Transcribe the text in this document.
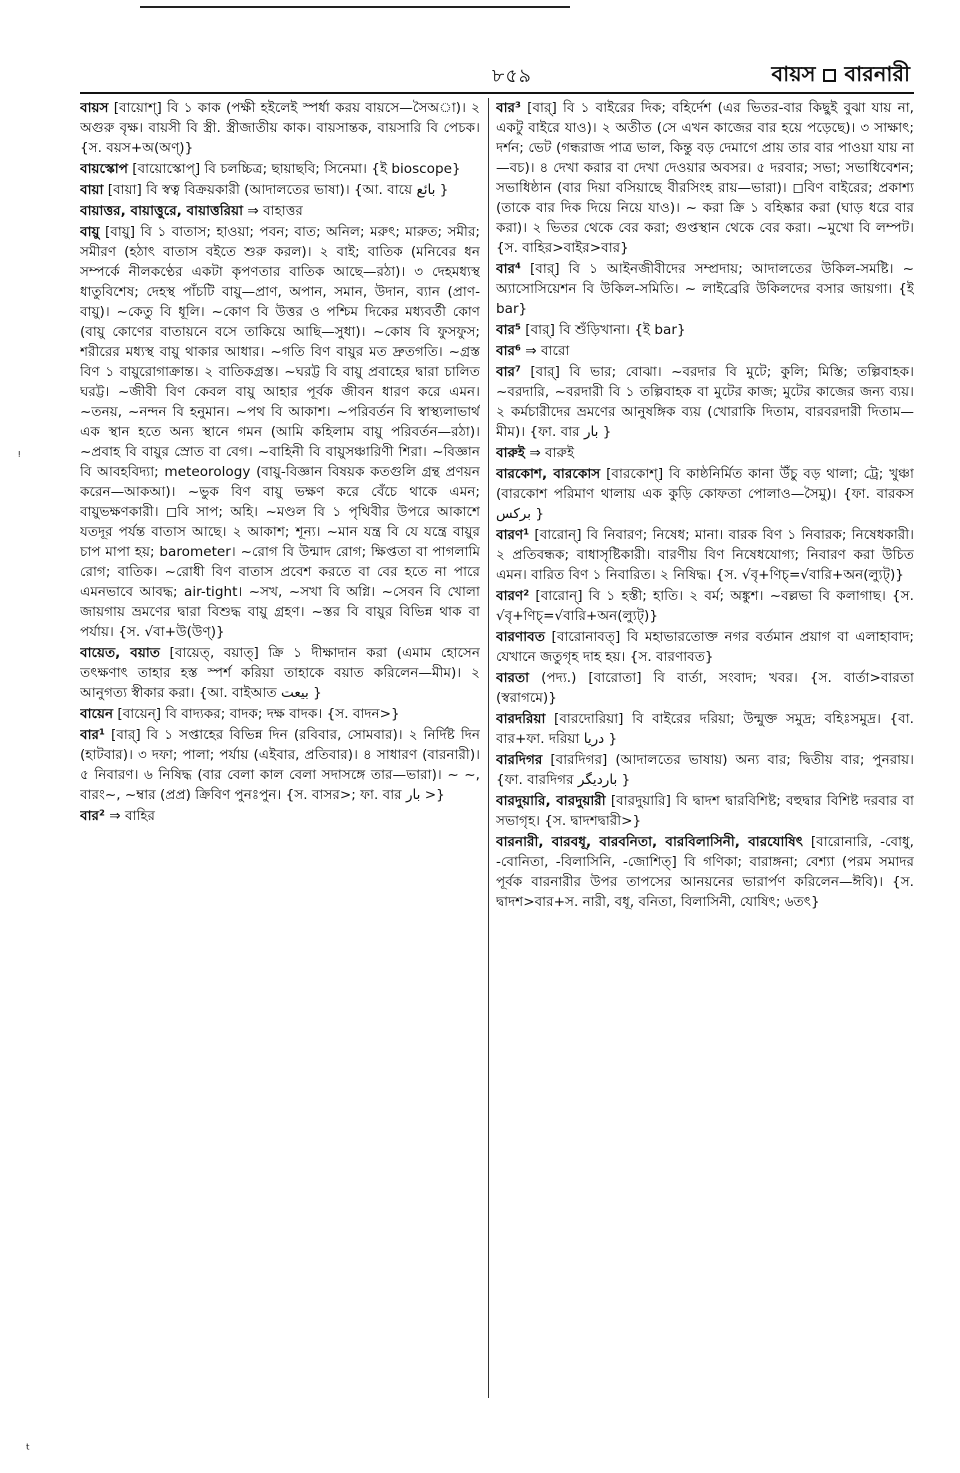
৮৫৯	বায়স বারনারী
ᵎ
ᵗ

বায়স [বায়োশ্] বি ১ কাক (পক্ষী হইলেই স্পর্ধা করয় বায়সে—সৈঅা)। ২ অগুরু বৃক্ষ। বায়সী বি স্ত্রী. স্ত্রীজাতীয় কাক। বায়সান্তক, বায়সারি বি পেচক। {স. বয়স+অ(অণ্)}

বায়স্কোপ [বায়োস্কোপ্] বি চলচ্চিত্র; ছায়াছবি; সিনেমা। {ই bioscope}

বায়া [বায়া] বি স্বত্ব বিক্রয়কারী (আদালতের ভাষা)। {আ. বায়ে بائع }

বায়াত্তর, বায়াত্তুরে, বায়াত্তরিয়া ⇒ বাহাত্তর

বায়ু [বায়ু] বি ১ বাতাস; হাওয়া; পবন; বাত; অনিল; মরুৎ; মারুত; সমীর; সমীরণ (হঠাৎ বাতাস বইতে শুরু করল)। ২ বাই; বাতিক (মনিবের ধন সম্পর্কে নীলকণ্ঠের একটা কৃপণতার বাতিক আছে—রঠা)। ৩ দেহমধ্যস্থ ধাতুবিশেষ; দেহস্থ পাঁচটি বায়ু—প্রাণ, অপান, সমান, উদান, ব্যান (প্রাণ-বায়ু)। ~কেতু বি ধূলি। ~কোণ বি উত্তর ও পশ্চিম দিকের মধ্যবর্তী কোণ (বায়ু কোণের বাতায়নে বসে তাকিয়ে আছি—সুধা)। ~কোষ বি ফুসফুস; শরীরের মধ্যস্থ বায়ু থাকার আধার। ~গতি বিণ বায়ুর মত দ্রুতগতি। ~গ্রস্ত বিণ ১ বায়ুরোগাক্রান্ত। ২ বাতিকগ্রস্ত। ~ঘরট্ট বি বায়ু প্রবাহের দ্বারা চালিত ঘরট্ট। ~জীবী বিণ কেবল বায়ু আহার পূর্বক জীবন ধারণ করে এমন। ~তনয়, ~নন্দন বি হনুমান। ~পথ বি আকাশ। ~পরিবর্তন বি স্বাস্থ্যলাভার্থ এক স্থান হতে অন্য স্থানে গমন (আমি কহিলাম বায়ু পরিবর্তন—রঠা)। ~প্রবাহ বি বায়ুর স্রোত বা বেগ। ~বাহিনী বি বায়ুসঞ্চারিণী শিরা। ~বিজ্ঞান বি আবহবিদ্যা; meteorology (বায়ু-বিজ্ঞান বিষয়ক কতগুলি গ্রন্থ প্রণয়ন করেন—আকআ)। ~ভুক বিণ বায়ু ভক্ষণ করে বেঁচে থাকে এমন; বায়ুভক্ষণকারী। ◻বি সাপ; অহি। ~মণ্ডল বি ১ পৃথিবীর উপরে আকাশে যতদূর পর্যন্ত বাতাস আছে। ২ আকাশ; শূন্য। ~মান যন্ত্র বি যে যন্ত্রে বায়ুর চাপ মাপা হয়; barometer। ~রোগ বি উন্মাদ রোগ; ক্ষিপ্ততা বা পাগলামি রোগ; বাতিক। ~রোধী বিণ বাতাস প্রবেশ করতে বা বের হতে না পারে এমনভাবে আবদ্ধ; air-tight। ~সখ, ~সখা বি অগ্নি। ~সেবন বি খোলা জায়গায় ভ্রমণের দ্বারা বিশুদ্ধ বায়ু গ্রহণ। ~স্তর বি বায়ুর বিভিন্ন থাক বা পর্যায়। {স. √বা+উ(উণ্)}

বায়েত, বয়াত [বায়েত্, বয়াত্] ক্রি ১ দীক্ষাদান করা (এমাম হোসেন তৎক্ষণাৎ তাহার হস্ত স্পর্শ করিয়া তাহাকে বয়াত করিলেন—মীম)। ২ আনুগত্য স্বীকার করা। {আ. বাইআত بيعت }

বায়েন [বায়েন্] বি বাদ্যকর; বাদক; দক্ষ বাদক। {স. বাদন>}

বার¹ [বার্] বি ১ সপ্তাহের বিভিন্ন দিন (রবিবার, সোমবার)। ২ নির্দিষ্ট দিন (হাটবার)। ৩ দফা; পালা; পর্যায় (এইবার, প্রতিবার)। ৪ সাধারণ (বারনারী)। ৫ নিবারণ। ৬ নিষিদ্ধ (বার বেলা কাল বেলা সদাসঙ্গে তার—ভারা)। ~ ~, বারং~, ~ম্বার (প্রপ্র) ক্রিবিণ পুনঃপুন। {স. বাসর>; ফা. বার بار >}

বার² ⇒ বাহির

বার³ [বার্] বি ১ বাইরের দিক; বহির্দেশ (এর ভিতর-বার কিছুই বুঝা যায় না, একটু বাইরে যাও)। ২ অতীত (সে এখন কাজের বার হয়ে পড়েছে)। ৩ সাক্ষাৎ; দর্শন; ভেট (গন্ধরাজ পাত্র ভাল, কিন্তু বড় দেমাগে প্রায় তার বার পাওয়া যায় না—বচ)। ৪ দেখা করার বা দেখা দেওয়ার অবসর। ৫ দরবার; সভা; সভাধিবেশন; সভাধিষ্ঠান (বার দিয়া বসিয়াছে বীরসিংহ রায়—ভারা)। ◻বিণ বাইরের; প্রকাশ্য (তাকে বার দিক দিয়ে নিয়ে যাও)। ~ করা ক্রি ১ বহিষ্কার করা (ঘাড় ধরে বার করা)। ২ ভিতর থেকে বের করা; গুপ্তস্থান থেকে বের করা। ~মুখো বি লম্পট। {স. বাহির>বাইর>বার}

বার⁴ [বার্] বি ১ আইনজীবীদের সম্প্রদায়; আদালতের উকিল-সমষ্টি। ~ অ্যাসোসিয়েশন বি উকিল-সমিতি। ~ লাইব্রেরি উকিলদের বসার জায়গা। {ই bar}

বার⁵ [বার্] বি শুঁড়িখানা। {ই bar}

বার⁶ ⇒ বারো

বার⁷ [বার্] বি ভার; বোঝা। ~বরদার বি মুটে; কুলি; মিস্তি; তল্পিবাহক। ~বরদারি, ~বরদারী বি ১ তল্পিবাহক বা মুটের কাজ; মুটের কাজের জন্য ব্যয়। ২ কর্মচারীদের ভ্রমণের আনুষঙ্গিক ব্যয় (খোরাকি দিতাম, বারবরদারী দিতাম—মীম)। {ফা. বার بار }

বারুই ⇒ বারুই

বারকোশ, বারকোস [বারকোশ্] বি কাষ্ঠনির্মিত কানা উঁচু বড় থালা; ট্রে; খুঞ্চা (বারকোশ পরিমাণ থালায় এক কুড়ি কোফতা পোলাও—সৈমু)। {ফা. বারকস بركس }

বারণ¹ [বারোন্] বি নিবারণ; নিষেধ; মানা। বারক বিণ ১ নিবারক; নিষেধকারী। ২ প্রতিবন্ধক; বাধাসৃষ্টিকারী। বারণীয় বিণ নিষেধযোগ্য; নিবারণ করা উচিত এমন। বারিত বিণ ১ নিবারিত। ২ নিষিদ্ধ। {স. √বৃ+ণিচ্=√বারি+অন(ল্যুট্)}

বারণ² [বারোন্] বি ১ হস্তী; হাতি। ২ বর্ম; অঙ্কুশ। ~বল্লভা বি কলাগাছ। {স. √বৃ+ণিচ্=√বারি+অন(ল্যুট্)}

বারণাবত [বারোনাবত্] বি মহাভারতোক্ত নগর বর্তমান প্রয়াগ বা এলাহাবাদ; যেখানে জতুগৃহ দাহ হয়। {স. বারণাবত}

বারতা (পদ্য.) [বারোতা] বি বার্তা, সংবাদ; খবর। {স. বার্তা>বারতা (স্বরাগমে)}

বারদরিয়া [বারদোরিয়া] বি বাইরের দরিয়া; উন্মুক্ত সমুদ্র; বহিঃসমুদ্র। {বা. বার+ফা. দরিয়া دريا }

বারদিগর [বারদিগর] (আদালতের ভাষায়) অন্য বার; দ্বিতীয় বার; পুনরায়। {ফা. বারদিগর باردیگر }

বারদুয়ারি, বারদুয়ারী [বারদুয়ারি] বি দ্বাদশ দ্বারবিশিষ্ট; বহুদ্বার বিশিষ্ট দরবার বা সভাগৃহ। {স. দ্বাদশদ্বারী>}

বারনারী, বারবধূ, বারবনিতা, বারবিলাসিনী, বারযোষিৎ [বারোনারি, -বোধু, -বোনিতা, -বিলাসিনি, -জোশিত্] বি গণিকা; বারাঙ্গনা; বেশ্যা (পরম সমাদর পূর্বক বারনারীর উপর তাপসের আনয়নের ভারার্পণ করিলেন—ঈবি)। {স. দ্বাদশ>বার+স. নারী, বধূ, বনিতা, বিলাসিনী, যোষিৎ; ৬তৎ}
